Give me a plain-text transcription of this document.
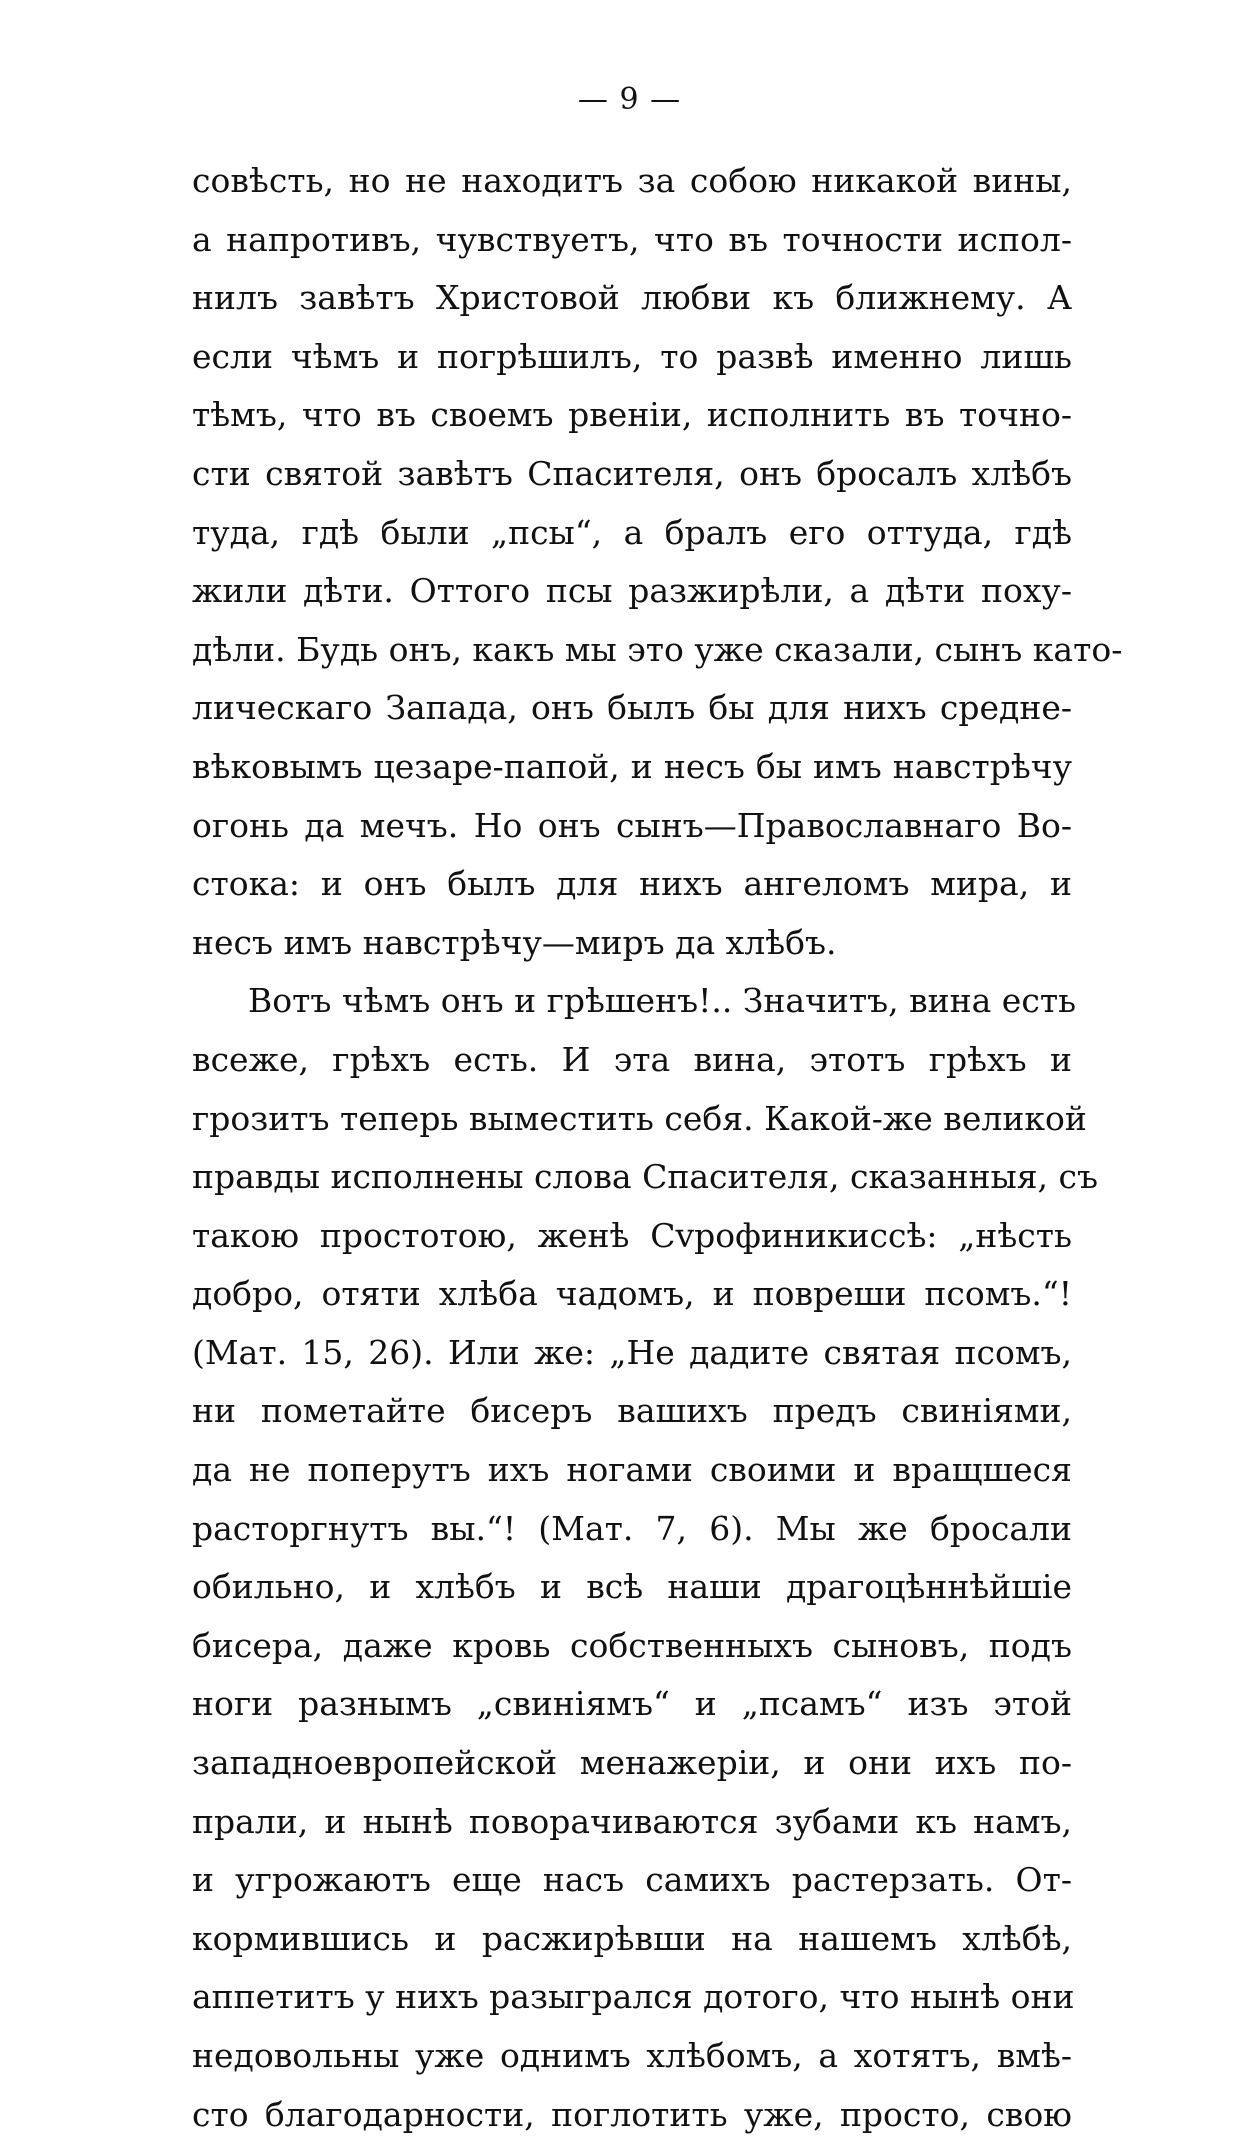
— 9 —
совѣсть, но не находитъ за собою никакой вины,
а напротивъ, чувствуетъ, что въ точности испол-
нилъ завѣтъ Христовой любви къ ближнему. А
если чѣмъ и погрѣшилъ, то развѣ именно лишь
тѣмъ, что въ своемъ рвенiи, исполнить въ точно-
сти святой завѣтъ Спасителя, онъ бросалъ хлѣбъ
туда, гдѣ были „псы“, а бралъ его оттуда, гдѣ
жили дѣти. Оттого псы разжирѣли, а дѣти поху-
дѣли. Будь онъ, какъ мы это уже сказали, сынъ като-
лическаго Запада, онъ былъ бы для нихъ средне-
вѣковымъ цезаре-папой, и несъ бы имъ навстрѣчу
огонь да мечъ. Но онъ сынъ—Православнаго Во-
стока: и онъ былъ для нихъ ангеломъ мира, и
несъ имъ навстрѣчу—миръ да хлѣбъ.
Вотъ чѣмъ онъ и грѣшенъ!.. Значитъ, вина есть
всеже, грѣхъ есть. И эта вина, этотъ грѣхъ и
грозитъ теперь выместить себя. Какой-же великой
правды исполнены слова Спасителя, сказанныя, съ
такою простотою, женѣ Сvрофиникиссѣ: „нѣсть
добро, отяти хлѣба чадомъ, и повреши псомъ.“!
(Мат. 15, 26). Или же: „Не дадите святая псомъ,
ни пометайте бисеръ вашихъ предъ свинiями,
да не поперутъ ихъ ногами своими и вращшеся
расторгнутъ вы.“! (Мат. 7, 6). Мы же бросали
обильно, и хлѣбъ и всѣ наши драгоцѣннѣйшiе
бисера, даже кровь собственныхъ сыновъ, подъ
ноги разнымъ „свинiямъ“ и „псамъ“ изъ этой
западноевропейской менажерiи, и они ихъ по-
прали, и нынѣ поворачиваются зубами къ намъ,
и угрожаютъ еще насъ самихъ растерзать. От-
кормившись и расжирѣвши на нашемъ хлѣбѣ,
аппетитъ у нихъ разыгрался дотого, что нынѣ они
недовольны уже однимъ хлѣбомъ, а хотятъ, вмѣ-
сто благодарности, поглотить уже, просто, свою
